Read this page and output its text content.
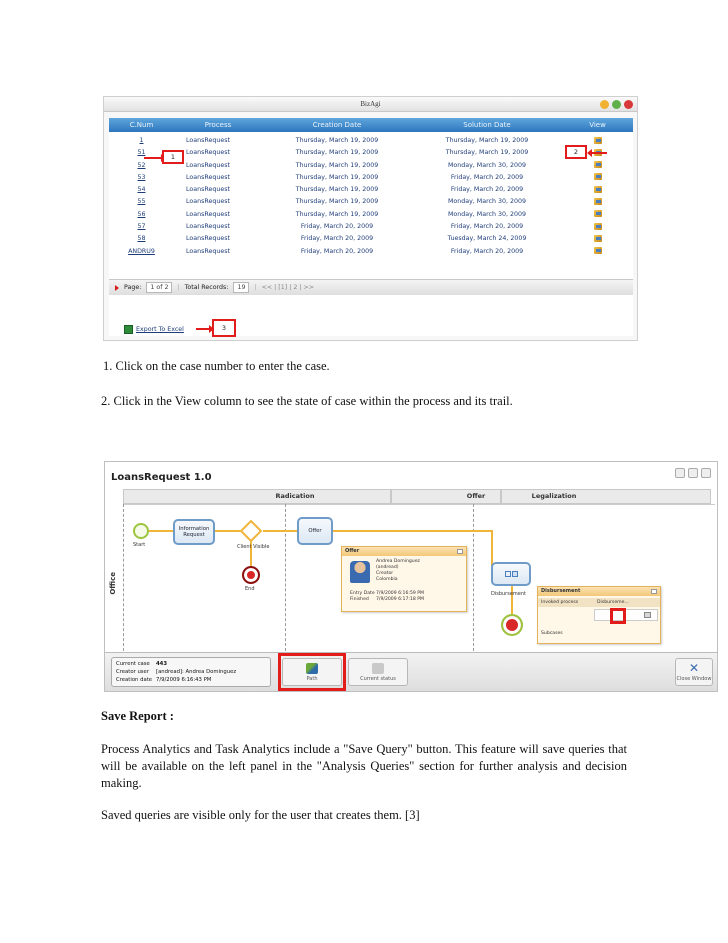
BizAgi
C.Num	Process	Creation Date	Solution Date	View
1	LoansRequest	Thursday, March 19, 2009	Thursday, March 19, 2009
51	LoansRequest	Thursday, March 19, 2009	Thursday, March 19, 2009
52	LoansRequest	Thursday, March 19, 2009	Monday, March 30, 2009
53	LoansRequest	Thursday, March 19, 2009	Friday, March 20, 2009
54	LoansRequest	Thursday, March 19, 2009	Friday, March 20, 2009
55	LoansRequest	Thursday, March 19, 2009	Monday, March 30, 2009
56	LoansRequest	Thursday, March 19, 2009	Monday, March 30, 2009
57	LoansRequest	Friday, March 20, 2009	Friday, March 20, 2009
58	LoansRequest	Friday, March 20, 2009	Tuesday, March 24, 2009
ANDRU9	LoansRequest	Friday, March 20, 2009	Friday, March 20, 2009
Page:	1 of 2	| Total Records:	19	| << | [1] | 2 | >>
Export To Excel
1
2
3
1. Click on the case number to enter the case.
2. Click in the View column to see the state of case within the process and its trail.
LoansRequest 1.0
Radication	Offer	Legalization
Office
Start
Information Request
Client Visible
End
Offer
Offer
Andrea Dominguez
(andread)
Creator
Colombia
Entry Date7/9/2009 6:16:59 PM
Finished 7/9/2009 6:17:18 PM
Disbursement	Disbursement
Invoked process	Disburseme...
Subcases
Current case 443
Creator user [andread]: Andrea Dominguez
Creation date 7/9/2009 6:16:43 PM	Path	Current status
✕
Close Window
Save Report :
Process Analytics and Task Analytics include a "Save Query" button. This feature will save queries that will be available on the left panel in the "Analysis Queries" section for further analysis and decision making.
Saved queries are visible only for the user that creates them. [3]
